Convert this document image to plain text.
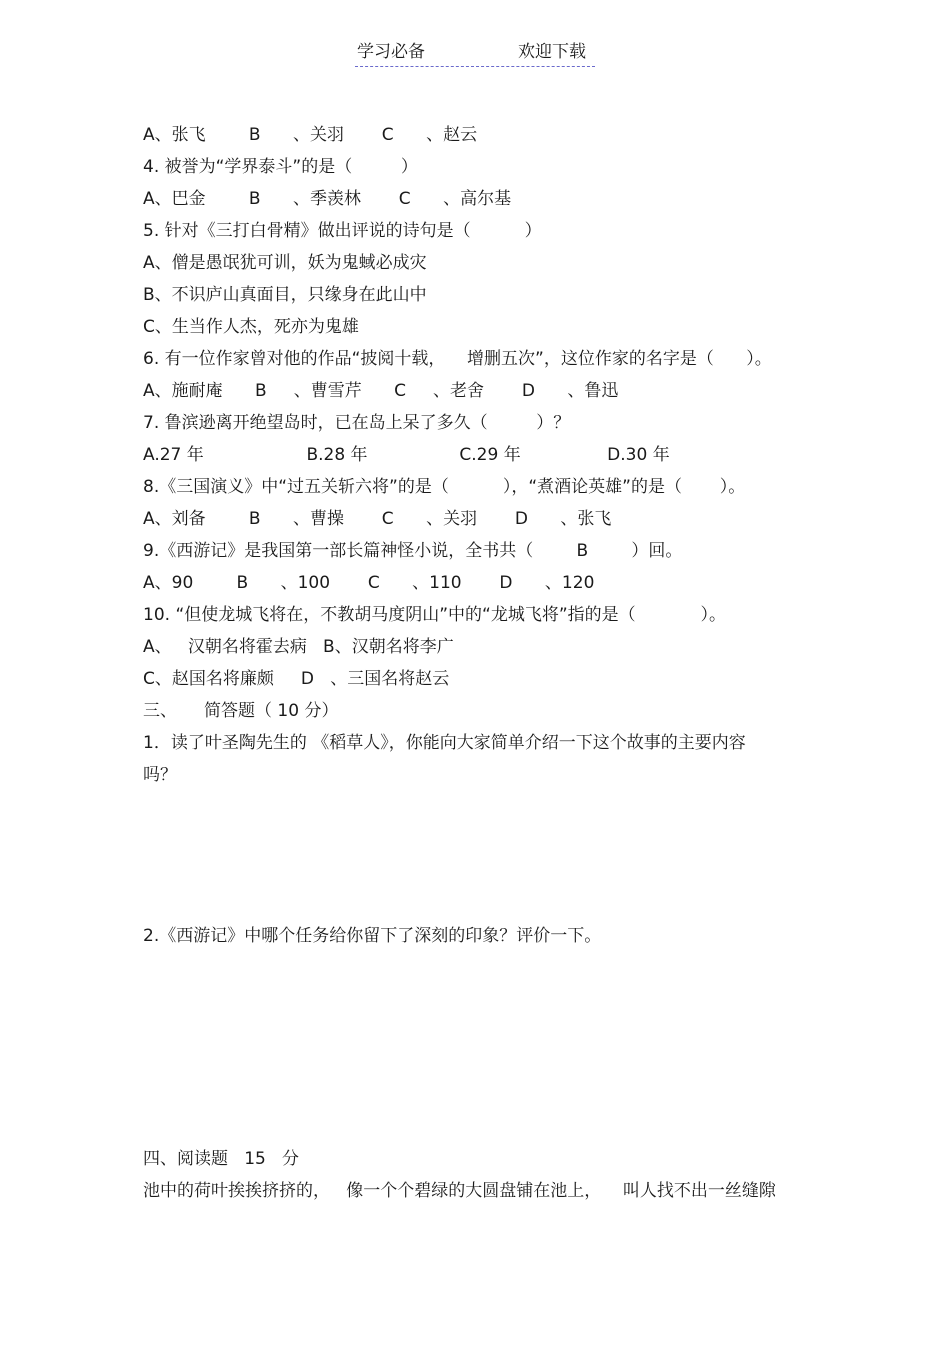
学习必备	欢迎下载
A、张飞        B      、关羽       C      、赵云
4. 被誉为“学界泰斗”的是（         ）
A、巴金        B      、季羡林       C      、高尔基
5. 针对《三打白骨精》做出评说的诗句是（          ）
A、僧是愚氓犹可训，妖为鬼蜮必成灾
B、不识庐山真面目，只缘身在此山中
C、生当作人杰，死亦为鬼雄
6. 有一位作家曾对他的作品“披阅十载，    增删五次”，这位作家的名字是（      ）。
A、施耐庵      B     、曹雪芹      C     、老舍       D      、鲁迅
7. 鲁滨逊离开绝望岛时，已在岛上呆了多久（         ）？
A.27 年                   B.28 年                 C.29 年                D.30 年
8.《三国演义》中“过五关斩六将”的是（          ），“煮酒论英雄”的是（       ）。
A、刘备        B      、曹操       C      、关羽       D      、张飞
9.《西游记》是我国第一部长篇神怪小说，全书共（        B        ）回。
A、90        B      、100       C      、110       D      、120
10. “但使龙城飞将在，不教胡马度阴山”中的“龙城飞将”指的是（            ）。
A、   汉朝名将霍去病   B、汉朝名将李广
C、赵国名将廉颇     D   、三国名将赵云
三、     简答题（ 10 分）
1．读了叶圣陶先生的 《稻草人》，你能向大家简单介绍一下这个故事的主要内容
吗？
2.《西游记》中哪个任务给你留下了深刻的印象？评价一下。
四、阅读题   15   分
池中的荷叶挨挨挤挤的，   像一个个碧绿的大圆盘铺在池上，    叫人找不出一丝缝隙
